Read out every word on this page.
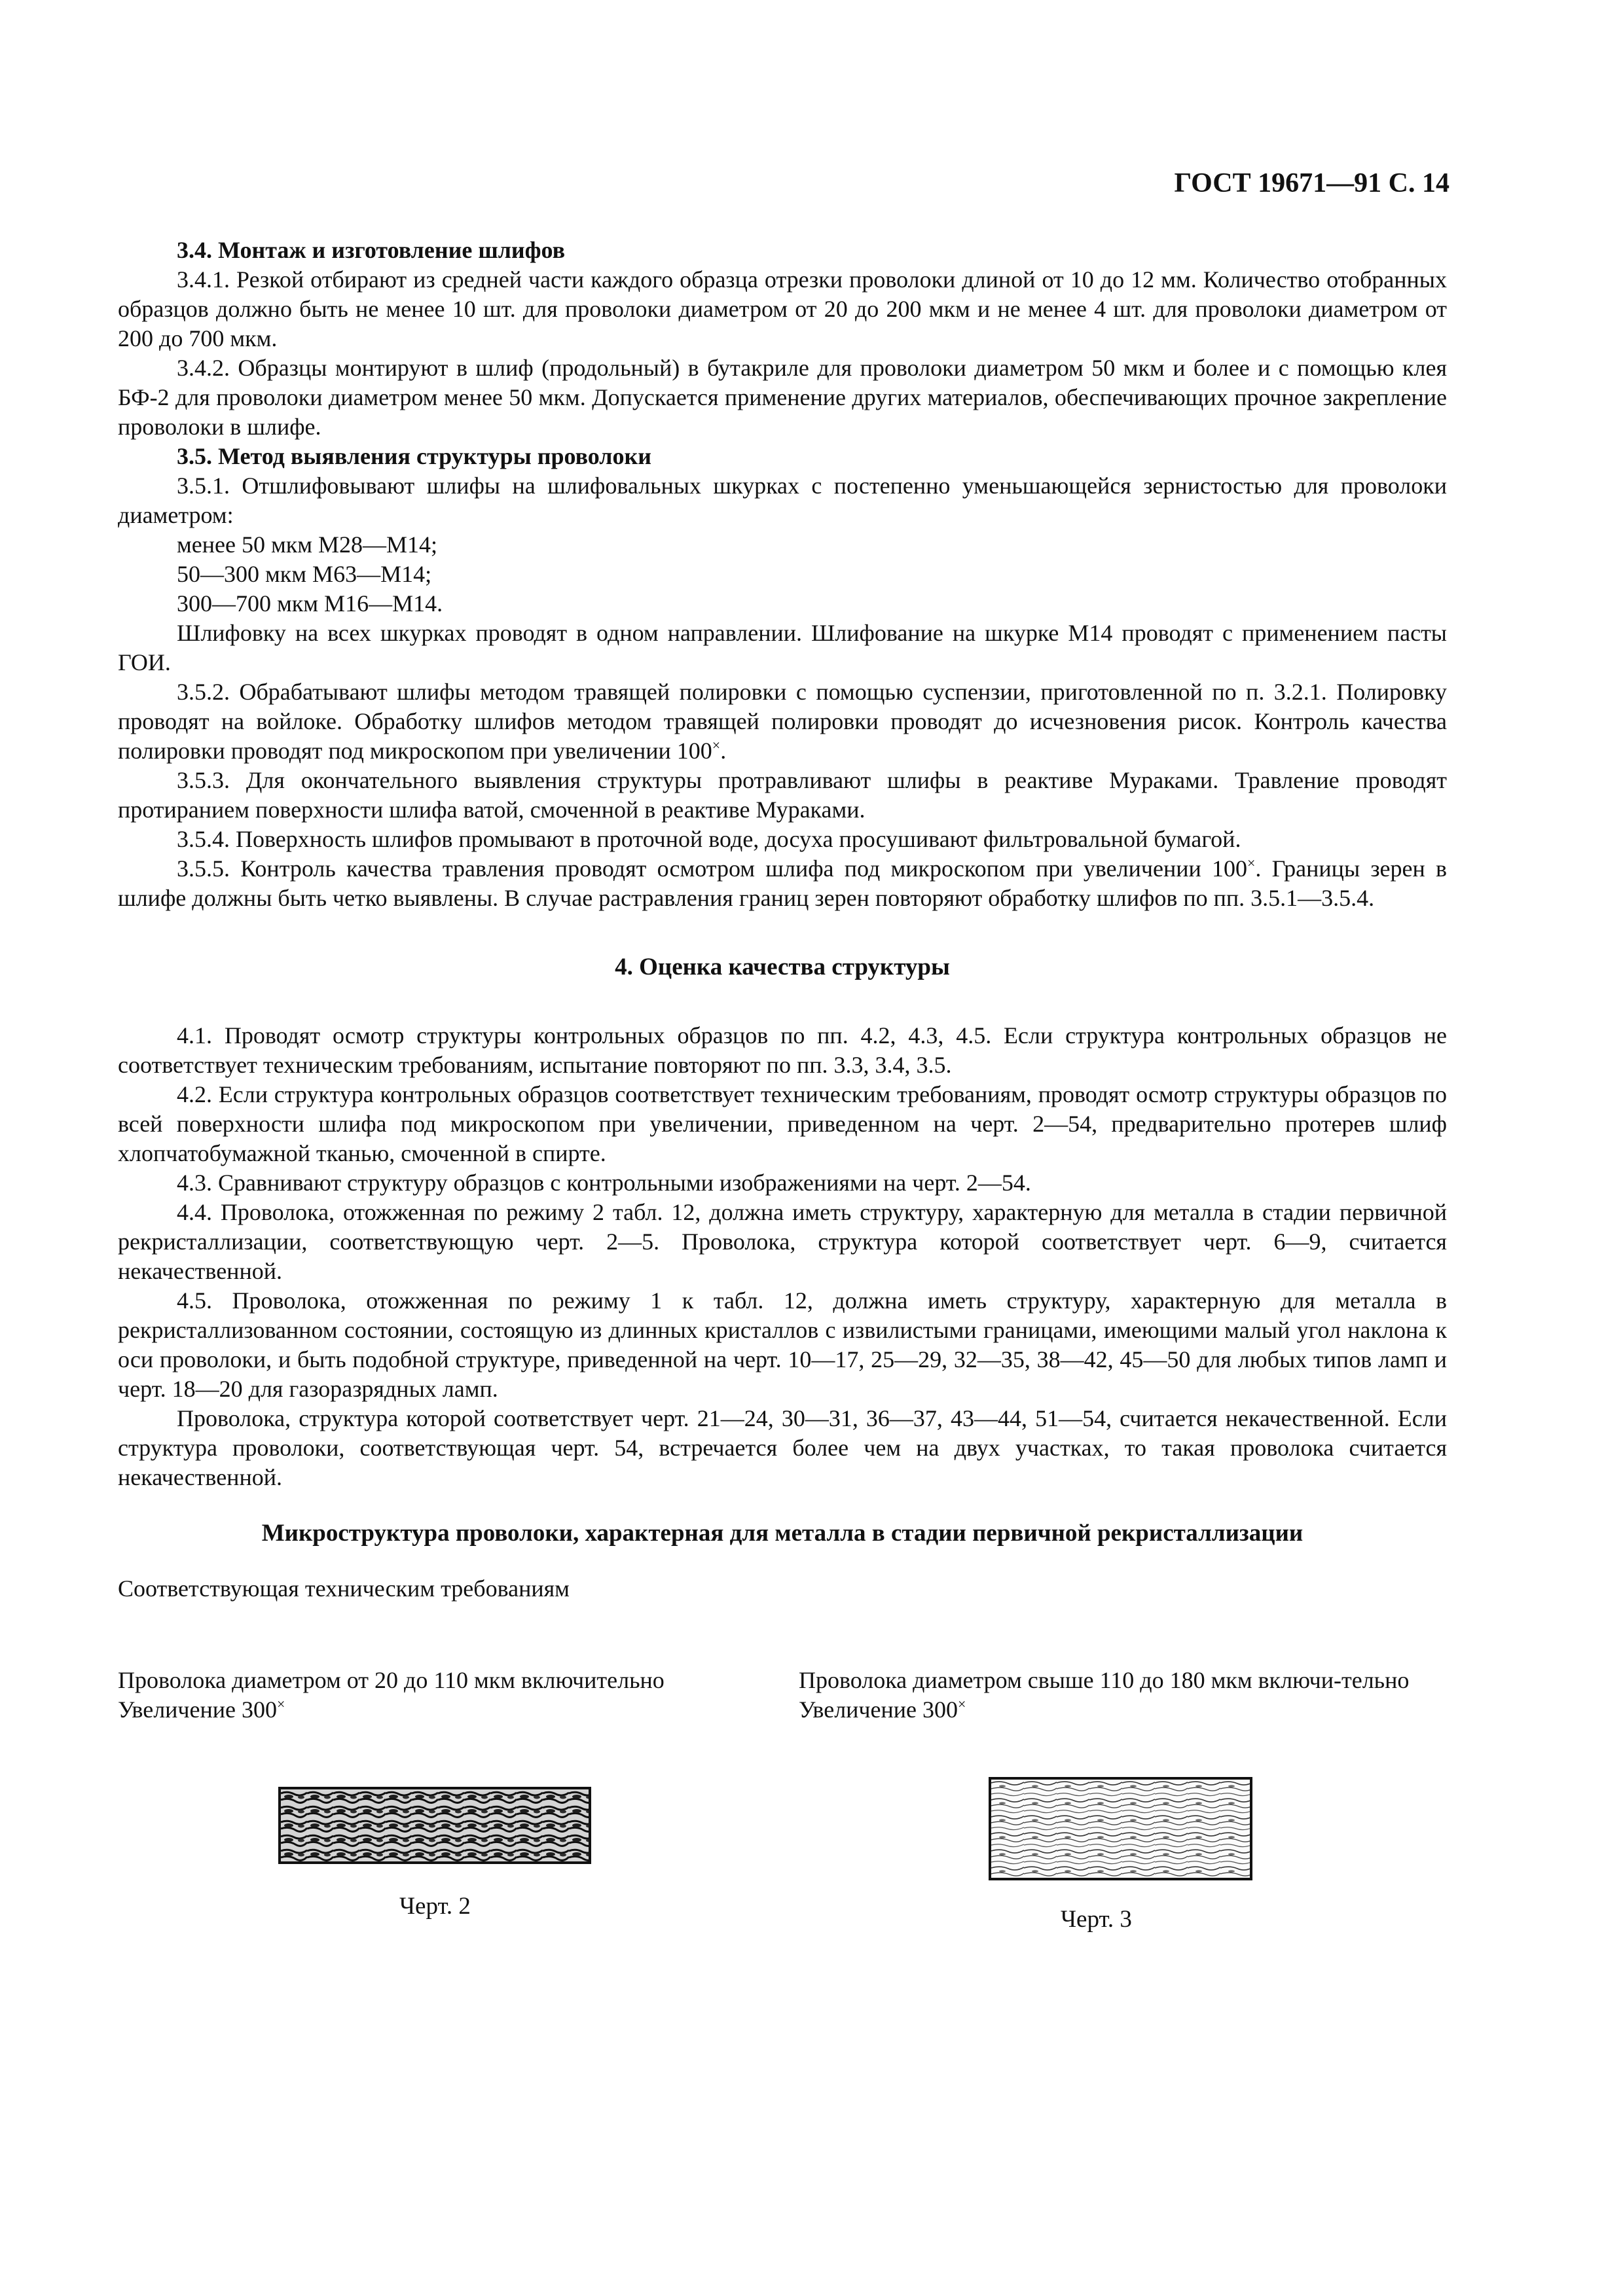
ГОСТ 19671—91 С. 14

3.4. Монтаж и изготовление шлифов

3.4.1. Резкой отбирают из средней части каждого образца отрезки проволоки длиной от 10 до 12 мм. Количество отобранных образцов должно быть не менее 10 шт. для проволоки диаметром от 20 до 200 мкм и не менее 4 шт. для проволоки диаметром от 200 до 700 мкм.

3.4.2. Образцы монтируют в шлиф (продольный) в бутакриле для проволоки диаметром 50 мкм и более и с помощью клея БФ-2 для проволоки диаметром менее 50 мкм. Допускается применение других материалов, обеспечивающих прочное закрепление проволоки в шлифе.

3.5. Метод выявления структуры проволоки

3.5.1. Отшлифовывают шлифы на шлифовальных шкурках с постепенно уменьшающейся зернистостью для проволоки диаметром:

менее 50 мкм М28—М14;

50—300 мкм М63—М14;

300—700 мкм М16—М14.

Шлифовку на всех шкурках проводят в одном направлении. Шлифование на шкурке М14 проводят с применением пасты ГОИ.

3.5.2. Обрабатывают шлифы методом травящей полировки с помощью суспензии, приготовленной по п. 3.2.1. Полировку проводят на войлоке. Обработку шлифов методом травящей полировки проводят до исчезновения рисок. Контроль качества полировки проводят под микроскопом при увеличении 100×.

3.5.3. Для окончательного выявления структуры протравливают шлифы в реактиве Мураками. Травление проводят протиранием поверхности шлифа ватой, смоченной в реактиве Мураками.

3.5.4. Поверхность шлифов промывают в проточной воде, досуха просушивают фильтровальной бумагой.

3.5.5. Контроль качества травления проводят осмотром шлифа под микроскопом при увеличении 100×. Границы зерен в шлифе должны быть четко выявлены. В случае растравления границ зерен повторяют обработку шлифов по пп. 3.5.1—3.5.4.

4. Оценка качества структуры

4.1. Проводят осмотр структуры контрольных образцов по пп. 4.2, 4.3, 4.5. Если структура контрольных образцов не соответствует техническим требованиям, испытание повторяют по пп. 3.3, 3.4, 3.5.

4.2. Если структура контрольных образцов соответствует техническим требованиям, проводят осмотр структуры образцов по всей поверхности шлифа под микроскопом при увеличении, приведенном на черт. 2—54, предварительно протерев шлиф хлопчатобумажной тканью, смоченной в спирте.

4.3. Сравнивают структуру образцов с контрольными изображениями на черт. 2—54.

4.4. Проволока, отожженная по режиму 2 табл. 12, должна иметь структуру, характерную для металла в стадии первичной рекристаллизации, соответствующую черт. 2—5. Проволока, структура которой соответствует черт. 6—9, считается некачественной.

4.5. Проволока, отожженная по режиму 1 к табл. 12, должна иметь структуру, характерную для металла в рекристаллизованном состоянии, состоящую из длинных кристаллов с извилистыми границами, имеющими малый угол наклона к оси проволоки, и быть подобной структуре, приведенной на черт. 10—17, 25—29, 32—35, 38—42, 45—50 для любых типов ламп и черт. 18—20 для газоразрядных ламп.

Проволока, структура которой соответствует черт. 21—24, 30—31, 36—37, 43—44, 51—54, считается некачественной. Если структура проволоки, соответствующая черт. 54, встречается более чем на двух участках, то такая проволока считается некачественной.

Микроструктура проволоки, характерная для металла в стадии первичной рекристаллизации

Соответствующая техническим требованиям

Проволока диаметром от 20 до 110 мкм включительно
Увеличение 300×
Проволока диаметром свыше 110 до 180 мкм включи-тельно
Увеличение 300×
Черт. 2	Черт. 3
